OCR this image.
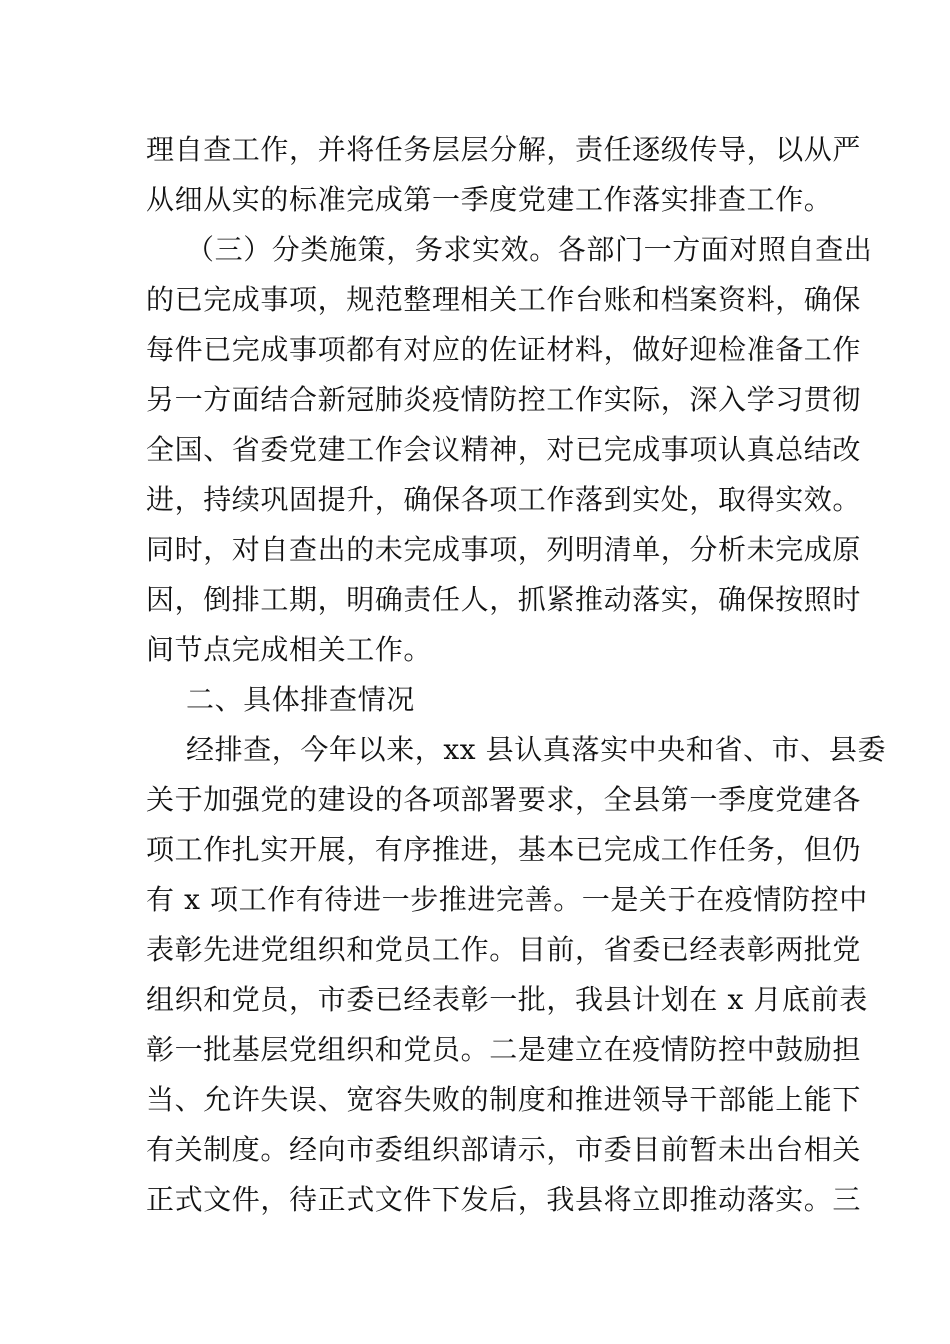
理自查工作，并将任务层层分解，责任逐级传导，以从严
从细从实的标准完成第一季度党建工作落实排查工作。
（三）分类施策，务求实效。各部门一方面对照自查出
的已完成事项，规范整理相关工作台账和档案资料，确保
每件已完成事项都有对应的佐证材料，做好迎检准备工作
另一方面结合新冠肺炎疫情防控工作实际，深入学习贯彻
全国、省委党建工作会议精神，对已完成事项认真总结改
进，持续巩固提升，确保各项工作落到实处，取得实效。
同时，对自查出的未完成事项，列明清单，分析未完成原
因，倒排工期，明确责任人，抓紧推动落实，确保按照时
间节点完成相关工作。
二、具体排查情况
经排查，今年以来，xx 县认真落实中央和省、市、县委
关于加强党的建设的各项部署要求，全县第一季度党建各
项工作扎实开展，有序推进，基本已完成工作任务，但仍
有 x 项工作有待进一步推进完善。一是关于在疫情防控中
表彰先进党组织和党员工作。目前，省委已经表彰两批党
组织和党员，市委已经表彰一批，我县计划在 x 月底前表
彰一批基层党组织和党员。二是建立在疫情防控中鼓励担
当、允许失误、宽容失败的制度和推进领导干部能上能下
有关制度。经向市委组织部请示，市委目前暂未出台相关
正式文件，待正式文件下发后，我县将立即推动落实。三
